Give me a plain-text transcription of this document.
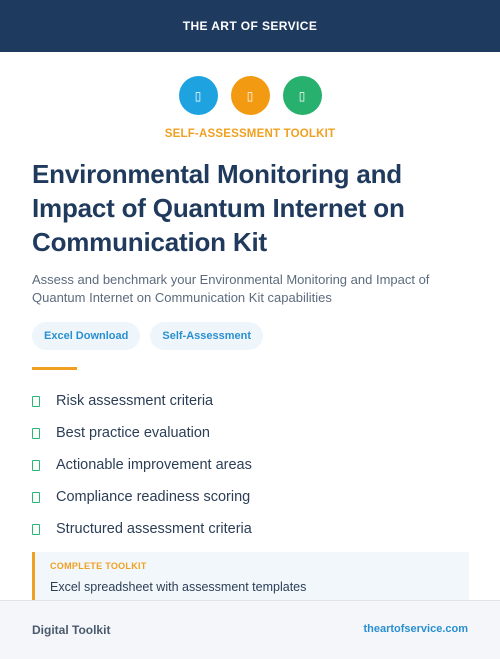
THE ART OF SERVICE
▯	▯	▯
SELF-ASSESSMENT TOOLKIT
Environmental Monitoring and Impact of Quantum Internet on Communication Kit

Assess and benchmark your Environmental Monitoring and Impact of Quantum Internet on Communication Kit capabilities

Excel Download	Self-Assessment
Risk assessment criteria
Best practice evaluation
Actionable improvement areas
Compliance readiness scoring
Structured assessment criteria
COMPLETE TOOLKIT
Excel spreadsheet with assessment templates
Digital Toolkit	theartofservice.com
